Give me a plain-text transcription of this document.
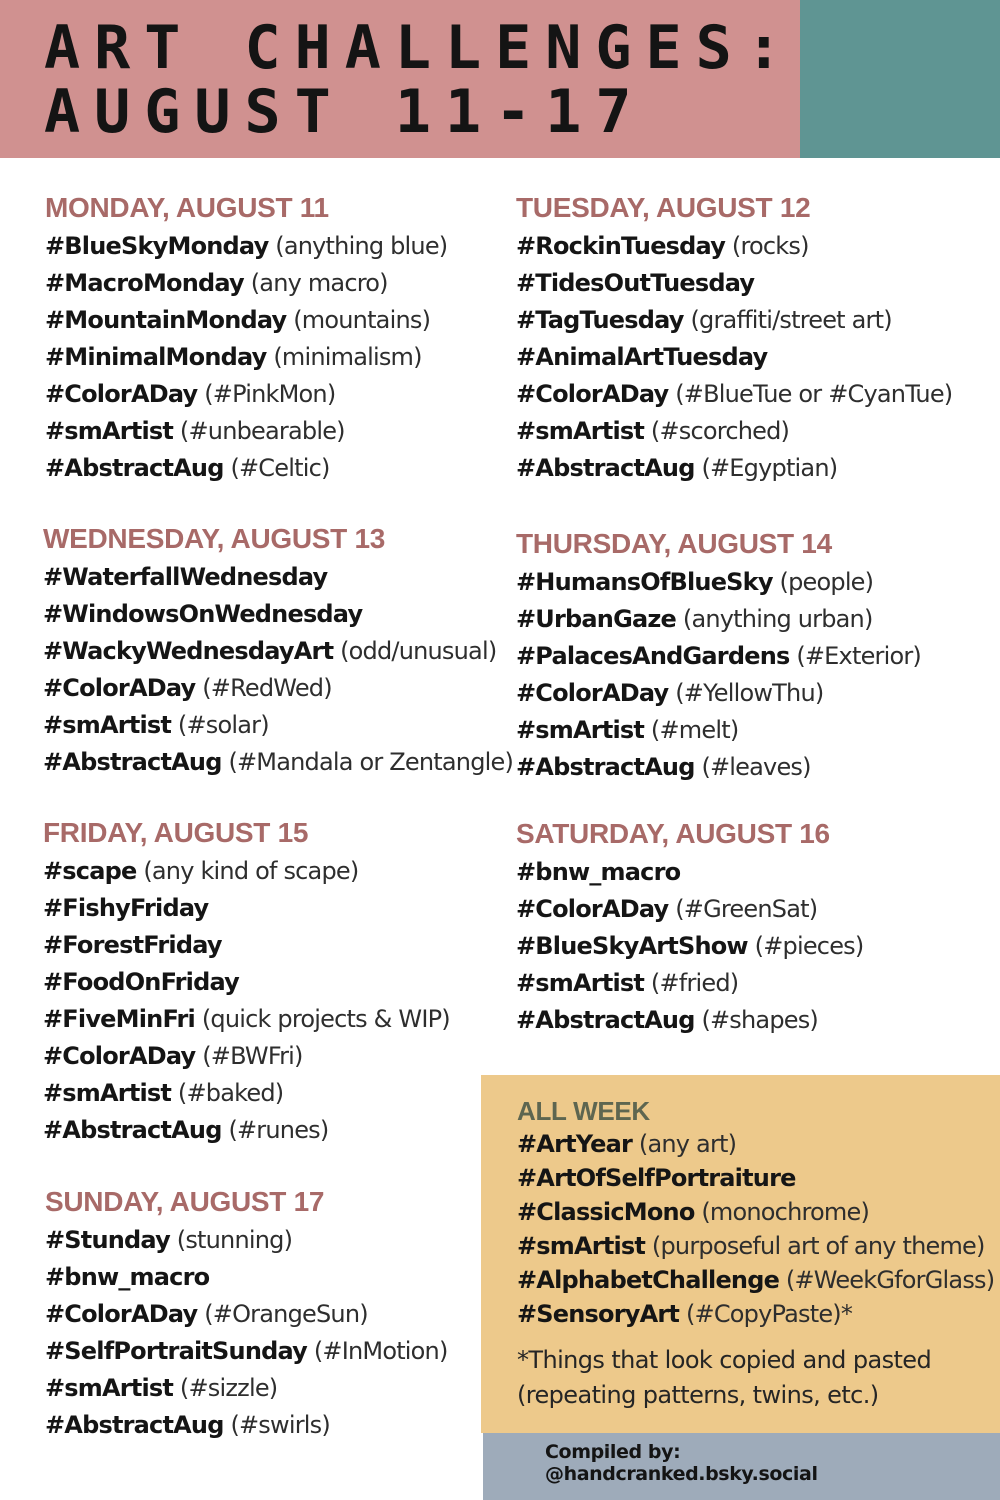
ART CHALLENGES:
AUGUST 11-17
MONDAY, AUGUST 11
#BlueSkyMonday (anything blue)
#MacroMonday (any macro)
#MountainMonday (mountains)
#MinimalMonday (minimalism)
#ColorADay (#PinkMon)
#smArtist (#unbearable)
#AbstractAug (#Celtic)
TUESDAY, AUGUST 12
#RockinTuesday (rocks)
#TidesOutTuesday
#TagTuesday (graffiti/street art)
#AnimalArtTuesday
#ColorADay (#BlueTue or #CyanTue)
#smArtist (#scorched)
#AbstractAug (#Egyptian)
WEDNESDAY, AUGUST 13
#WaterfallWednesday
#WindowsOnWednesday
#WackyWednesdayArt (odd/unusual)
#ColorADay (#RedWed)
#smArtist (#solar)
#AbstractAug (#Mandala or Zentangle)
THURSDAY, AUGUST 14
#HumansOfBlueSky (people)
#UrbanGaze (anything urban)
#PalacesAndGardens (#Exterior)
#ColorADay (#YellowThu)
#smArtist (#melt)
#AbstractAug (#leaves)
FRIDAY, AUGUST 15
#scape (any kind of scape)
#FishyFriday
#ForestFriday
#FoodOnFriday
#FiveMinFri (quick projects & WIP)
#ColorADay (#BWFri)
#smArtist (#baked)
#AbstractAug (#runes)
SATURDAY, AUGUST 16
#bnw_macro
#ColorADay (#GreenSat)
#BlueSkyArtShow (#pieces)
#smArtist (#fried)
#AbstractAug (#shapes)
SUNDAY, AUGUST 17
#Stunday (stunning)
#bnw_macro
#ColorADay (#OrangeSun)
#SelfPortraitSunday (#InMotion)
#smArtist (#sizzle)
#AbstractAug (#swirls)
ALL WEEK
#ArtYear (any art)
#ArtOfSelfPortraiture
#ClassicMono (monochrome)
#smArtist (purposeful art of any theme)
#AlphabetChallenge (#WeekGforGlass)
#SensoryArt (#CopyPaste)*
*Things that look copied and pasted
(repeating patterns, twins, etc.)
Compiled by:
@handcranked.bsky.social
